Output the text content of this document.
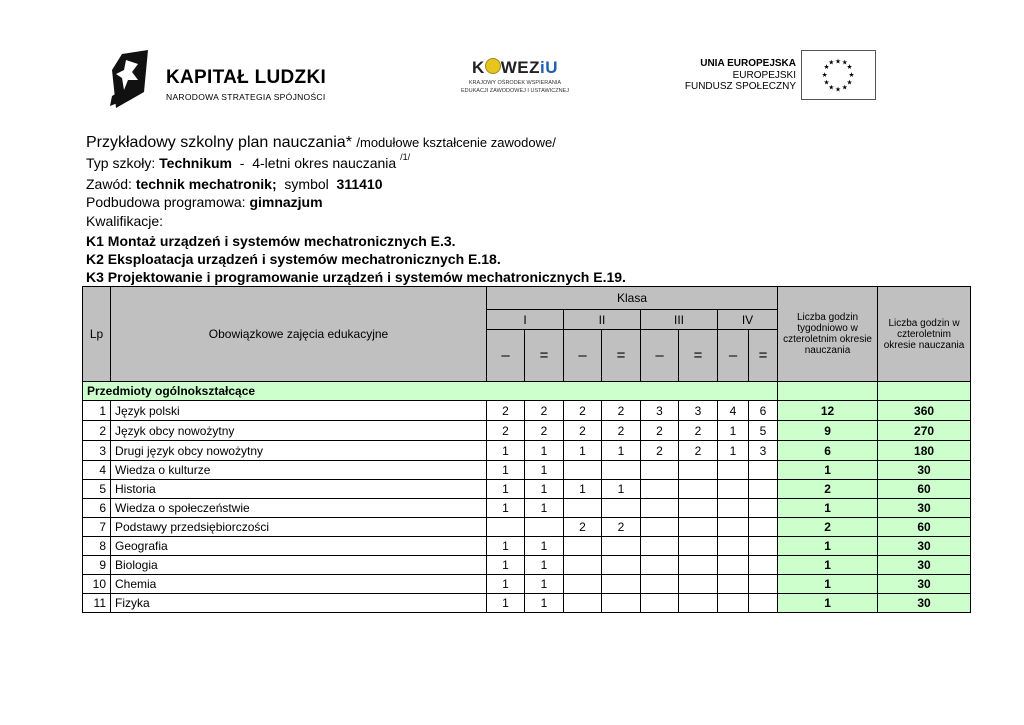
KAPITAŁ LUDZKI
NARODOWA STRATEGIA SPÓJNOŚCI
K WEZiU
KRAJOWY OŚRODEK WSPIERANIA
EDUKACJI ZAWODOWEJ I USTAWICZNEJ
UNIA EUROPEJSKA
EUROPEJSKI
FUNDUSZ SPOŁECZNY
★ ★
★
★
★
★
★
★
★
★
★
★
Przykładowy szkolny plan nauczania* /modułowe kształcenie zawodowe/
Typ szkoły: Technikum  -  4-letni okres nauczania $^{/1/}$
Zawód: technik mechatronik;  symbol  311410
Podbudowa programowa: gimnazjum
Kwalifikacje:
K1 Montaż urządzeń i systemów mechatronicznych E.3.
K2 Eksploatacja urządzeń i systemów mechatronicznych E.18.
K3 Projektowanie i programowanie urządzeń i systemów mechatronicznych E.19.
Lp	Obowiązkowe zajęcia edukacyjne	Klasa								Liczba godzin tygodniowo w czteroletnim okresie nauczania	Liczba godzin w czteroletnim okresie nauczania
		I		II		III		IV			
		–	=	–	=	–	=	–	=		
Przedmioty ogólnokształcące											
1	Język polski	2	2	2	2	3	3	4	6	12	360
2	Język obcy nowożytny	2	2	2	2	2	2	1	5	9	270
3	Drugi język obcy nowożytny	1	1	1	1	2	2	1	3	6	180
4	Wiedza o kulturze	1	1							1	30
5	Historia	1	1	1	1					2	60
6	Wiedza o społeczeństwie	1	1							1	30
7	Podstawy przedsiębiorczości			2	2					2	60
8	Geografia	1	1							1	30
9	Biologia	1	1							1	30
10	Chemia	1	1							1	30
11	Fizyka	1	1							1	30
